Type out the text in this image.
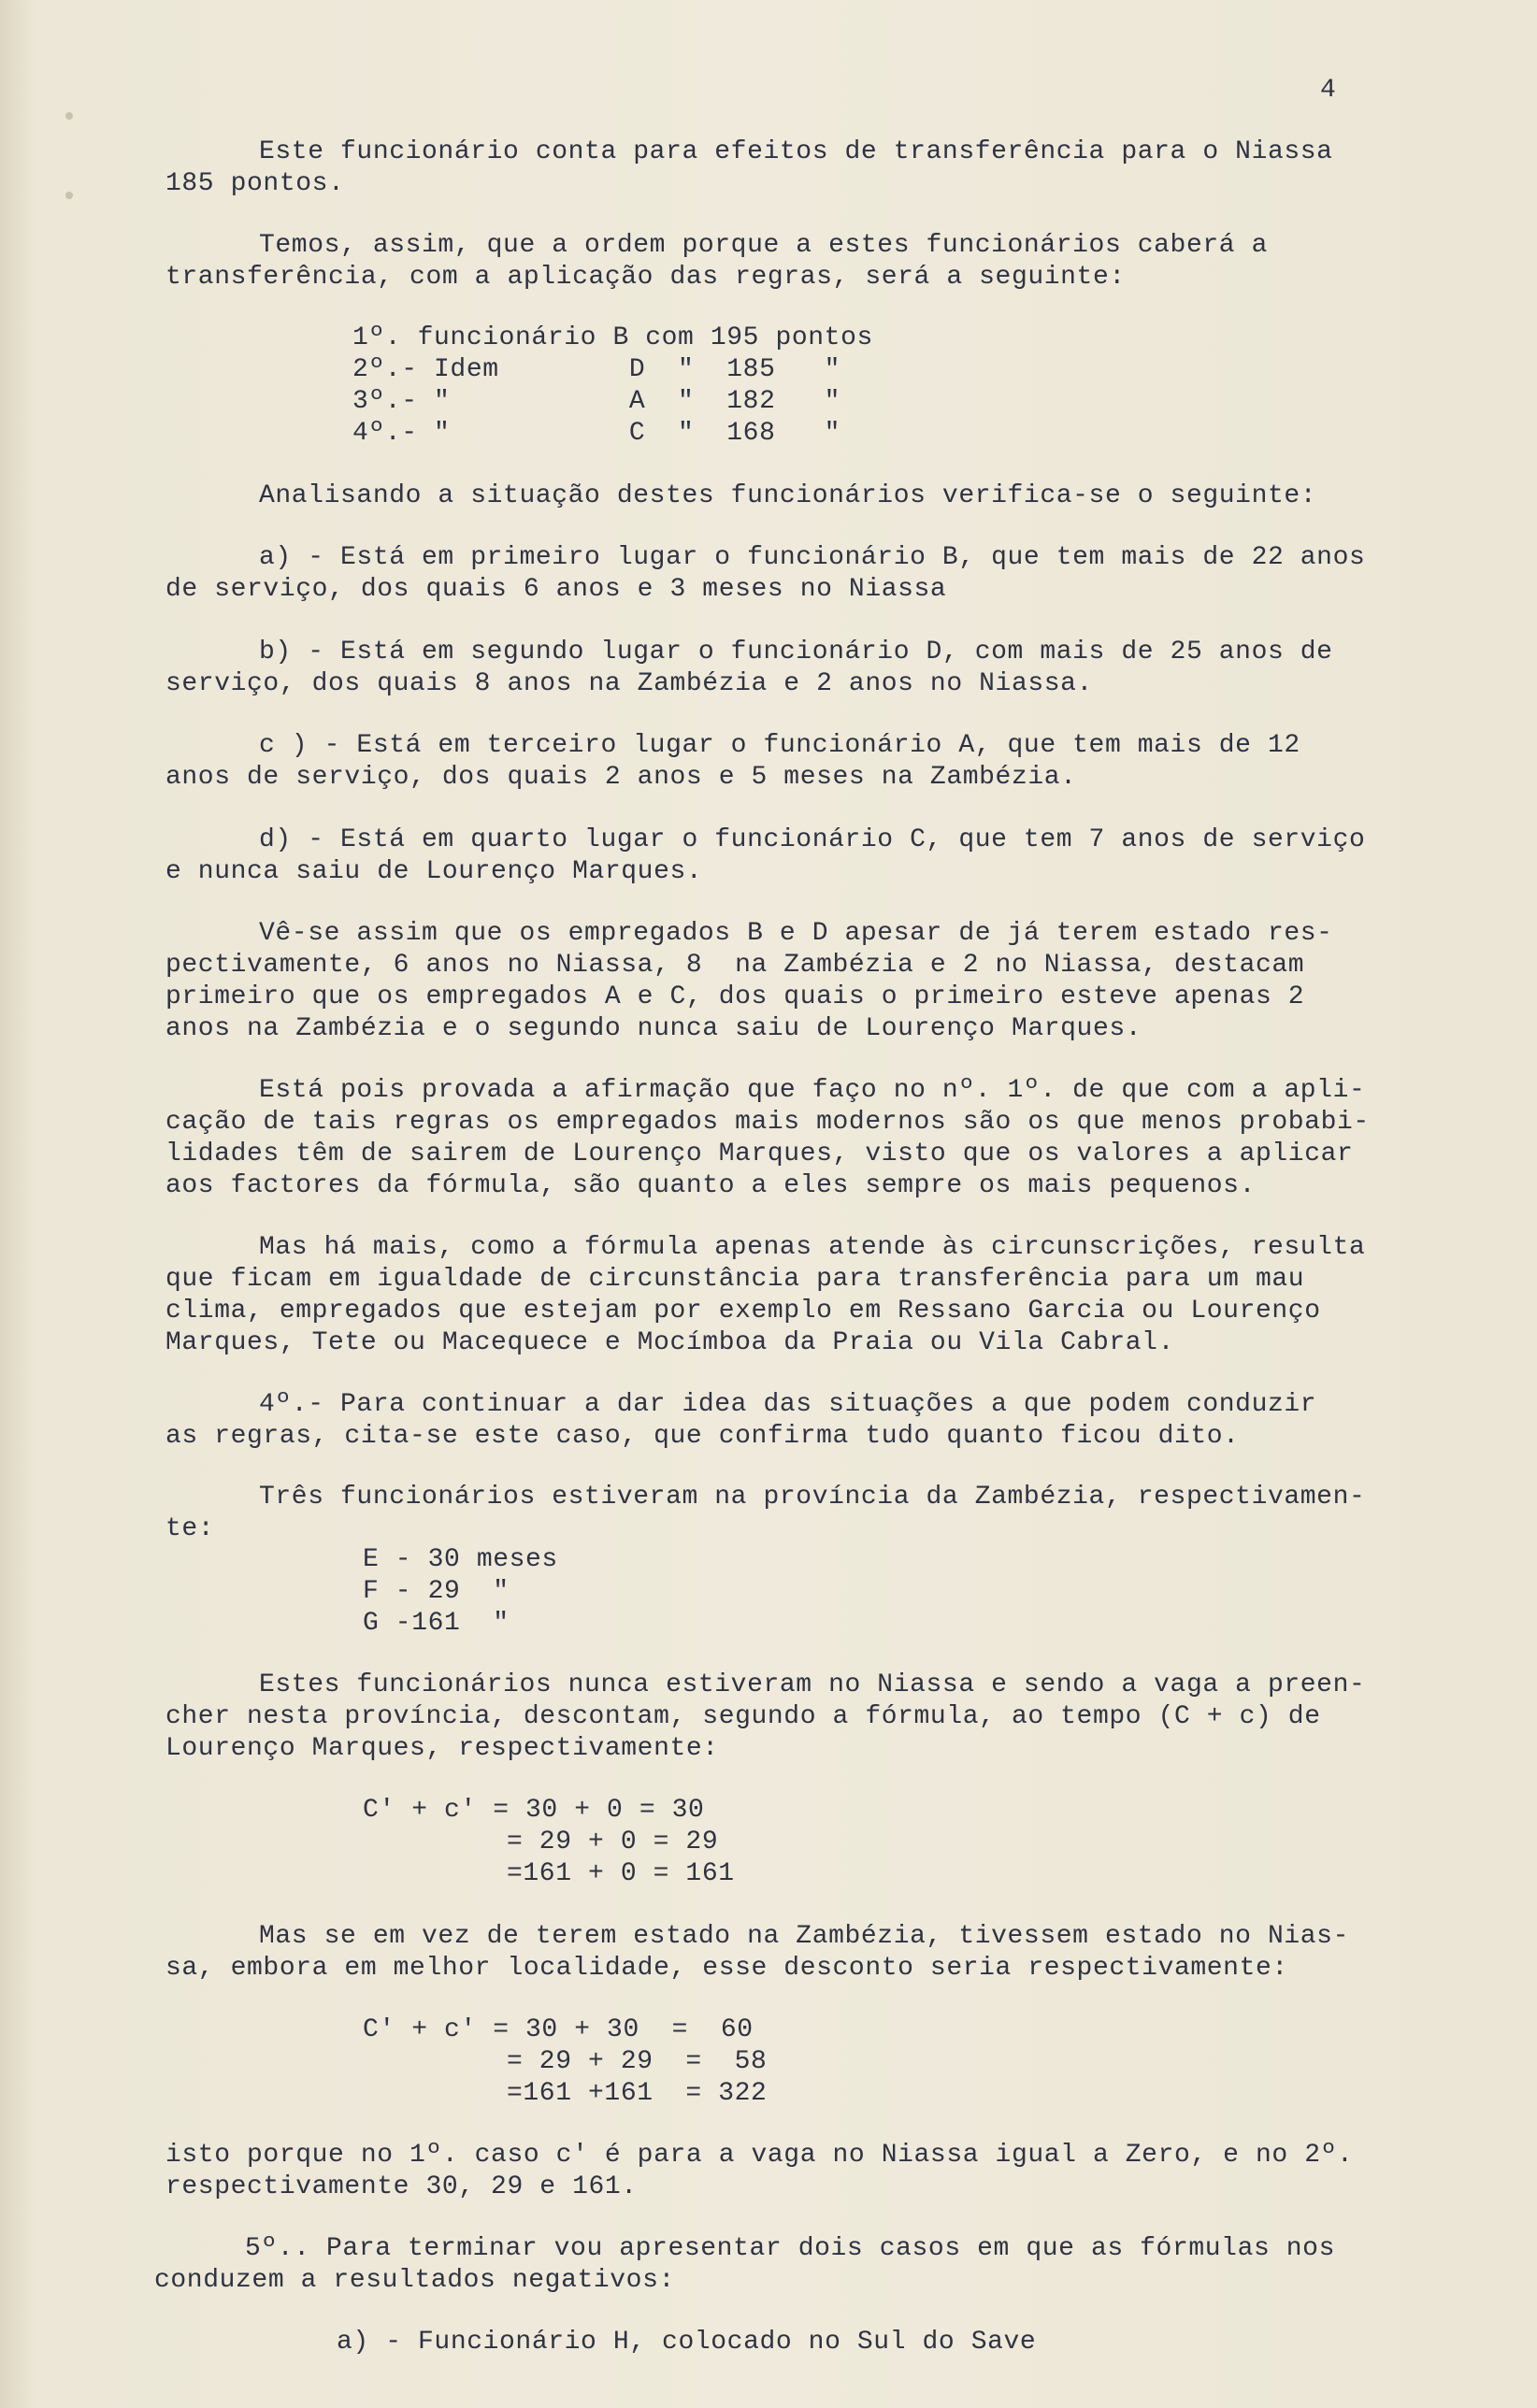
4
Este funcionário conta para efeitos de transferência para o Niassa
185 pontos.
Temos, assim, que a ordem porque a estes funcionários caberá a
transferência, com a aplicação das regras, será a seguinte:
1º. funcionário B com 195 pontos
2º.- Idem        D  "  185   "
3º.- "           A  "  182   "
4º.- "           C  "  168   "
Analisando a situação destes funcionários verifica-se o seguinte:
a) - Está em primeiro lugar o funcionário B, que tem mais de 22 anos
de serviço, dos quais 6 anos e 3 meses no Niassa
b) - Está em segundo lugar o funcionário D, com mais de 25 anos de
serviço, dos quais 8 anos na Zambézia e 2 anos no Niassa.
c ) - Está em terceiro lugar o funcionário A, que tem mais de 12
anos de serviço, dos quais 2 anos e 5 meses na Zambézia.
d) - Está em quarto lugar o funcionário C, que tem 7 anos de serviço
e nunca saiu de Lourenço Marques.
Vê-se assim que os empregados B e D apesar de já terem estado res-
pectivamente, 6 anos no Niassa, 8  na Zambézia e 2 no Niassa, destacam
primeiro que os empregados A e C, dos quais o primeiro esteve apenas 2
anos na Zambézia e o segundo nunca saiu de Lourenço Marques.
Está pois provada a afirmação que faço no nº. 1º. de que com a apli-
cação de tais regras os empregados mais modernos são os que menos probabi-
lidades têm de sairem de Lourenço Marques, visto que os valores a aplicar
aos factores da fórmula, são quanto a eles sempre os mais pequenos.
Mas há mais, como a fórmula apenas atende às circunscrições, resulta
que ficam em igualdade de circunstância para transferência para um mau
clima, empregados que estejam por exemplo em Ressano Garcia ou Lourenço
Marques, Tete ou Macequece e Mocímboa da Praia ou Vila Cabral.
4º.- Para continuar a dar idea das situações a que podem conduzir
as regras, cita-se este caso, que confirma tudo quanto ficou dito.
Três funcionários estiveram na província da Zambézia, respectivamen-
te:
E - 30 meses
F - 29  "
G -161  "
Estes funcionários nunca estiveram no Niassa e sendo a vaga a preen-
cher nesta província, descontam, segundo a fórmula, ao tempo (C + c) de
Lourenço Marques, respectivamente:
C' + c' = 30 + 0 = 30
= 29 + 0 = 29
=161 + 0 = 161
Mas se em vez de terem estado na Zambézia, tivessem estado no Nias-
sa, embora em melhor localidade, esse desconto seria respectivamente:
C' + c' = 30 + 30  =  60
= 29 + 29  =  58
=161 +161  = 322
isto porque no 1º. caso c' é para a vaga no Niassa igual a Zero, e no 2º.
respectivamente 30, 29 e 161.
5º.. Para terminar vou apresentar dois casos em que as fórmulas nos
conduzem a resultados negativos:
a) - Funcionário H, colocado no Sul do Save
